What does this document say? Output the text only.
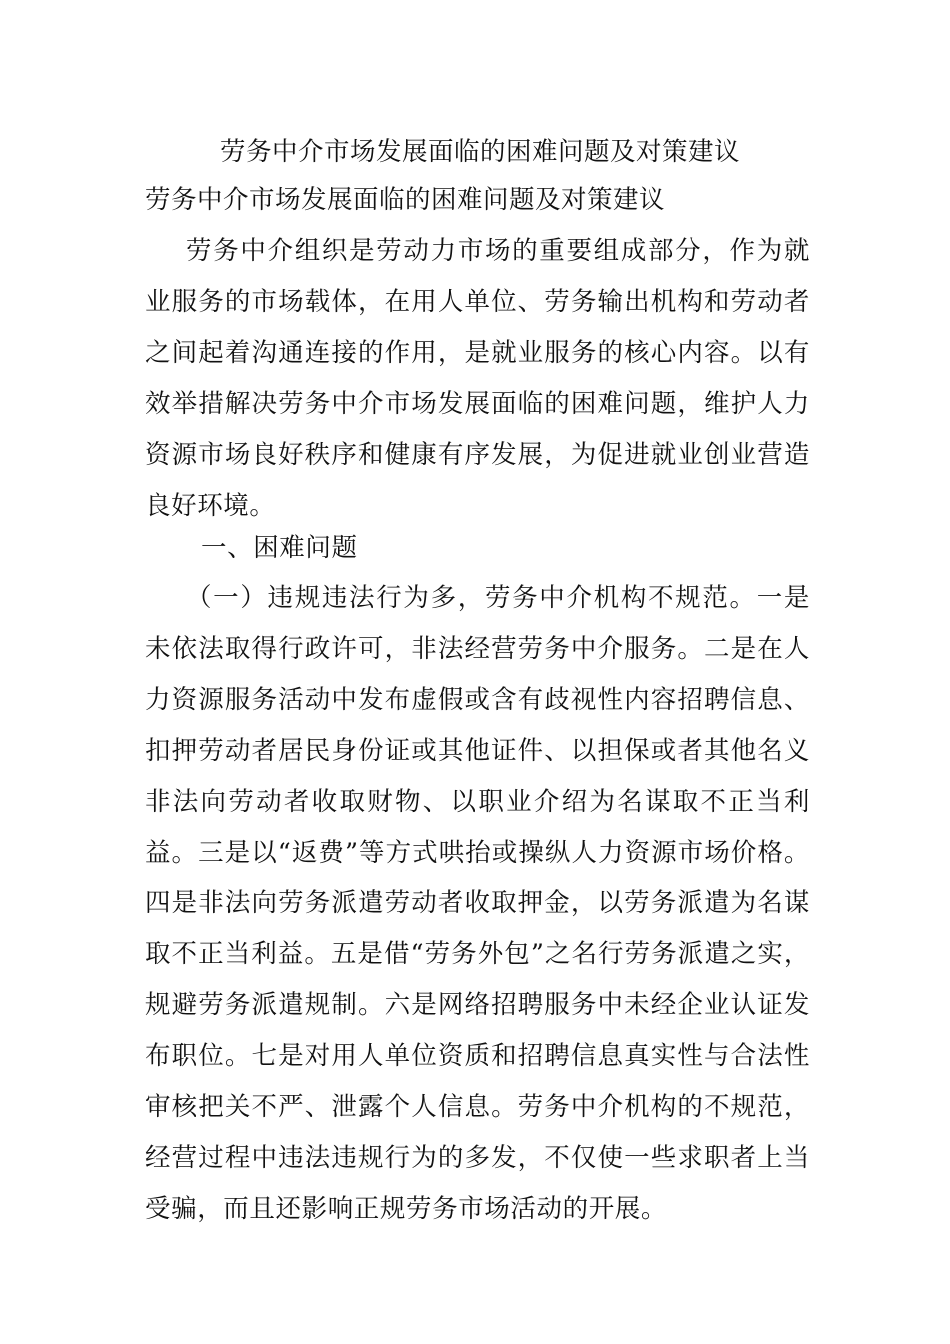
劳务中介市场发展面临的困难问题及对策建议
劳务中介市场发展面临的困难问题及对策建议
劳务中介组织是劳动力市场的重要组成部分，作为就业服务的市场载体，在用人单位、劳务输出机构和劳动者之间起着沟通连接的作用，是就业服务的核心内容。以有效举措解决劳务中介市场发展面临的困难问题，维护人力资源市场良好秩序和健康有序发展，为促进就业创业营造良好环境。
一、困难问题
（一）违规违法行为多，劳务中介机构不规范。一是未依法取得行政许可，非法经营劳务中介服务。二是在人力资源服务活动中发布虚假或含有歧视性内容招聘信息、扣押劳动者居民身份证或其他证件、以担保或者其他名义非法向劳动者收取财物、以职业介绍为名谋取不正当利益。三是以“返费”等方式哄抬或操纵人力资源市场价格。四是非法向劳务派遣劳动者收取押金，以劳务派遣为名谋取不正当利益。五是借“劳务外包”之名行劳务派遣之实，规避劳务派遣规制。六是网络招聘服务中未经企业认证发布职位。七是对用人单位资质和招聘信息真实性与合法性审核把关不严、泄露个人信息。劳务中介机构的不规范，经营过程中违法违规行为的多发，不仅使一些求职者上当受骗，而且还影响正规劳务市场活动的开展。
